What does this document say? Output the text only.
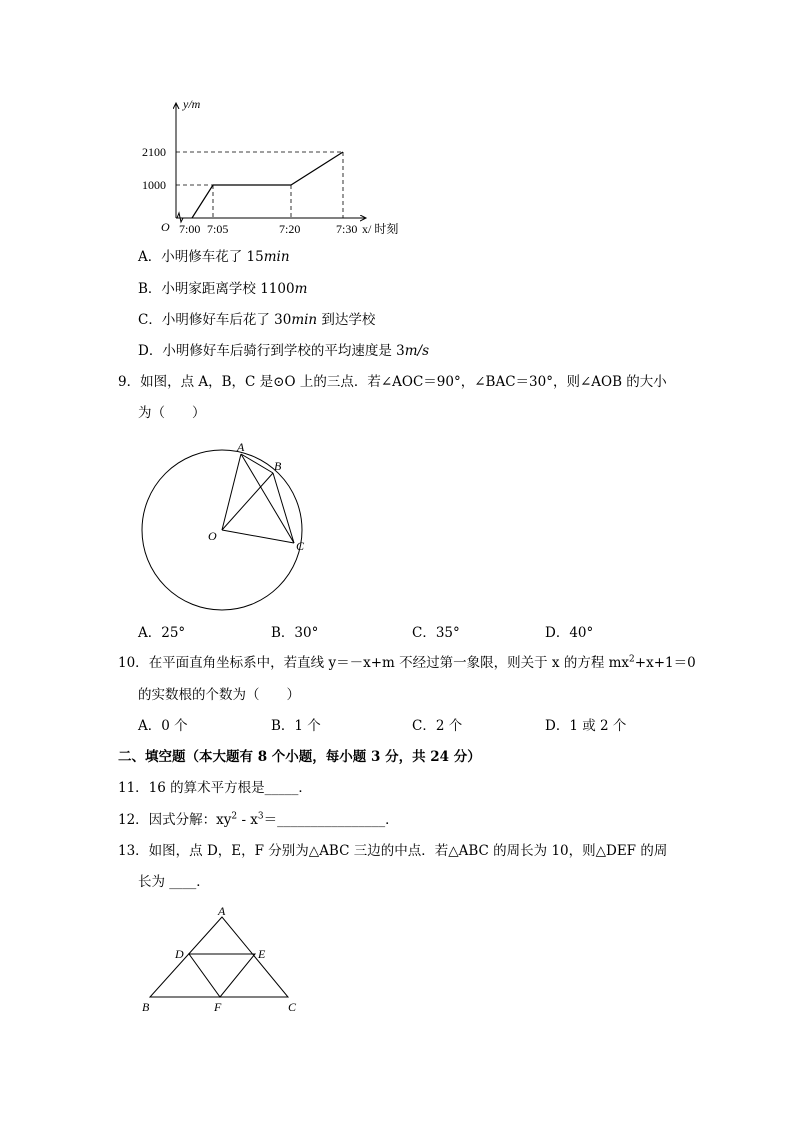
y/m
2100
1000
O 7:00 7:05	7:20	7:30 x/ 时刻
A．小明修车花了 15min
B．小明家距离学校 1100m
C．小明修好车后花了 30min 到达学校
D．小明修好车后骑行到学校的平均速度是 3m/s
9．如图，点 A，B，C 是⊙O 上的三点．若∠AOC＝90°，∠BAC＝30°，则∠AOB 的大小
为（　　）
A
B
C
O
A．25°	B．30°	C．35°	D．40°
10．在平面直角坐标系中，若直线 y＝－x+m 不经过第一象限，则关于 x 的方程 $mx^2+x+1=0$
的实数根的个数为（　　）
A．0 个	B．1 个	C．2 个	D．1 或 2 个
二、填空题（本大题有 8 个小题，每小题 3 分，共 24 分）
11．16 的算术平方根是_____．
12．因式分解：$xy^2$ - $x^3=\_\_\_\_\_\_\_\_\_\_\_\_\_\_\_\_$．
13．如图，点 D，E，F 分别为△ABC 三边的中点．若△ABC 的周长为 10，则△DEF 的周
长为 ____．
A
B	C
D	E
F
